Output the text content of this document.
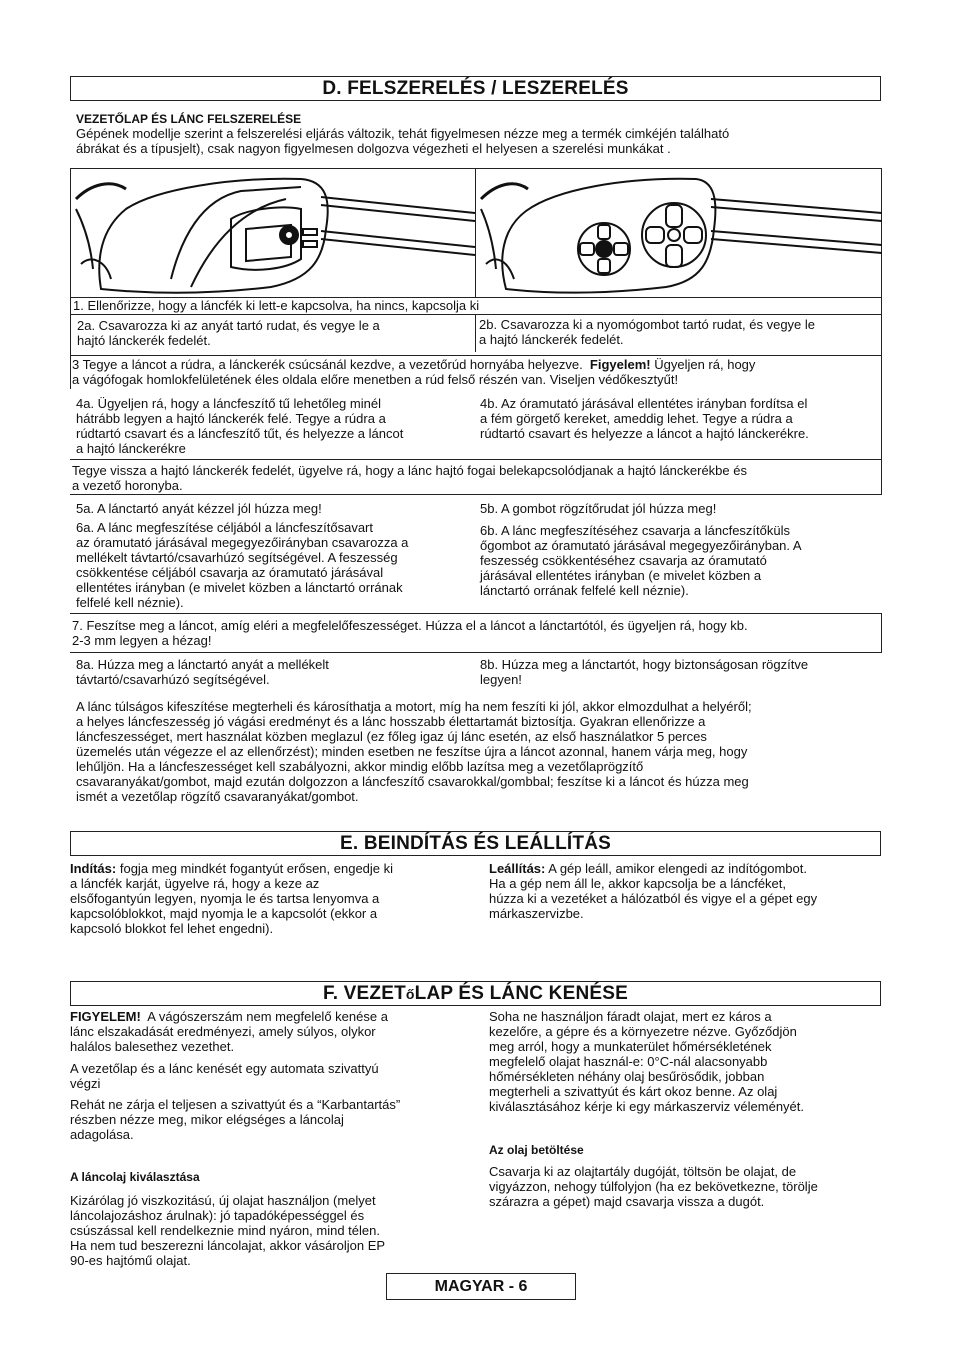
D. FELSZERELÉS / LESZERELÉS
VEZETŐLAP ÉS LÁNC FELSZERELÉSE
Gépének modellje szerint a felszerelési eljárás változik, tehát figyelmesen nézze meg a termék cimkéjén található
ábrákat és a típusjelt), csak nagyon figyelmesen dolgozva végezheti el helyesen a szerelési munkákat .
1. Ellenőrizze, hogy a láncfék ki lett-e kapcsolva, ha nincs, kapcsolja ki
2a. Csavarozza ki az anyát tartó rudat, és vegye le a
hajtó lánckerék fedelét.
2b. Csavarozza ki a nyomógombot tartó rudat, és vegye le
a hajtó lánckerék fedelét.
3 Tegye a láncot a rúdra, a lánckerék csúcsánál kezdve, a vezetőrúd hornyába helyezve. Figyelem! Ügyeljen rá, hogy
a vágófogak homlokfelületének éles oldala előre menetben a rúd felső részén van. Viseljen védőkesztyűt!
4a. Ügyeljen rá, hogy a láncfeszítő tű lehetőleg minél
hátrább legyen a hajtó lánckerék felé. Tegye a rúdra a
rúdtartó csavart és a láncfeszítő tűt, és helyezze a láncot
a hajtó lánckerékre
4b. Az óramutató járásával ellentétes irányban fordítsa el
a fém görgető kereket, ameddig lehet. Tegye a rúdra a
rúdtartó csavart és helyezze a láncot a hajtó lánckerékre.
Tegye vissza a hajtó lánckerék fedelét, ügyelve rá, hogy a lánc hajtó fogai belekapcsolódjanak a hajtó lánckerékbe és
a vezető horonyba.
5a. A lánctartó anyát kézzel jól húzza meg!	5b. A gombot rögzítőrudat jól húzza meg!
6a. A lánc megfeszítése céljából a láncfeszítősavart
az óramutató járásával megegyezőirányban csavarozza a
mellékelt távtartó/csavarhúzó segítségével. A feszesség
csökkentése céljából csavarja az óramutató járásával
ellentétes irányban (e mivelet közben a lánctartó orrának
felfelé kell néznie).
6b. A lánc megfeszítéséhez csavarja a láncfeszítőküls
őgombot az óramutató járásával megegyezőirányban. A
feszesség csökkentéséhez csavarja az óramutató
járásával ellentétes irányban (e mivelet közben a
lánctartó orrának felfelé kell néznie).
7. Feszítse meg a láncot, amíg eléri a megfelelőfeszességet. Húzza el a láncot a lánctartótól, és ügyeljen rá, hogy kb.
2-3 mm legyen a hézag!
8a. Húzza meg a lánctartó anyát a mellékelt
távtartó/csavarhúzó segítségével.
8b. Húzza meg a lánctartót, hogy biztonságosan rögzítve
legyen!
A lánc túlságos kifeszítése megterheli és károsíthatja a motort, míg ha nem feszíti ki jól, akkor elmozdulhat a helyéről;
a helyes láncfeszesség jó vágási eredményt és a lánc hosszabb élettartamát biztosítja. Gyakran ellenőrizze a
láncfeszességet, mert használat közben meglazul (ez főleg igaz új lánc esetén, az első használatkor 5 perces
üzemelés után végezze el az ellenőrzést); minden esetben ne feszítse újra a láncot azonnal, hanem várja meg, hogy
lehűljön. Ha a láncfeszességet kell szabályozni, akkor mindig előbb lazítsa meg a vezetőlaprögzítő
csavaranyákat/gombot, majd ezután dolgozzon a láncfeszítő csavarokkal/gombbal; feszítse ki a láncot és húzza meg
ismét a vezetőlap rögzítő csavaranyákat/gombot.
E. BEINDÍTÁS ÉS LEÁLLÍTÁS
Indítás: fogja meg mindkét fogantyút erősen, engedje ki
a láncfék karját, ügyelve rá, hogy a keze az
elsőfogantyún legyen, nyomja le és tartsa lenyomva a
kapcsolóblokkot, majd nyomja le a kapcsolót (ekkor a
kapcsoló blokkot fel lehet engedni).
Leállítás: A gép leáll, amikor elengedi az indítógombot.
Ha a gép nem áll le, akkor kapcsolja be a láncféket,
húzza ki a vezetéket a hálózatból és vigye el a gépet egy
márkaszervizbe.
F. VEZETőLAP ÉS LÁNC KENÉSE
FIGYELEM! A vágószerszám nem megfelelő kenése a
lánc elszakadását eredményezi, amely súlyos, olykor
halálos balesethez vezethet.
A vezetőlap és a lánc kenését egy automata szivattyú
végzi
Rehát ne zárja el teljesen a szivattyút és a “Karbantartás”
részben nézze meg, mikor elégséges a láncolaj
adagolása.
A láncolaj kiválasztása
Kizárólag jó viszkozitású, új olajat használjon (melyet
láncolajozáshoz árulnak): jó tapadóképességgel és
csúszással kell rendelkeznie mind nyáron, mind télen.
Ha nem tud beszerezni láncolajat, akkor vásároljon EP
90-es hajtómű olajat.
Soha ne használjon fáradt olajat, mert ez káros a
kezelőre, a gépre és a környezetre nézve. Győződjön
meg arról, hogy a munkaterület hőmérsékletének
megfelelő olajat használ-e: 0°C-nál alacsonyabb
hőmérsékleten néhány olaj besűrösődik, jobban
megterheli a szivattyút és kárt okoz benne. Az olaj
kiválasztásához kérje ki egy márkaszerviz véleményét.
Az olaj betöltése
Csavarja ki az olajtartály dugóját, töltsön be olajat, de
vigyázzon, nehogy túlfolyjon (ha ez bekövetkezne, törölje
szárazra a gépet) majd csavarja vissza a dugót.
MAGYAR - 6
